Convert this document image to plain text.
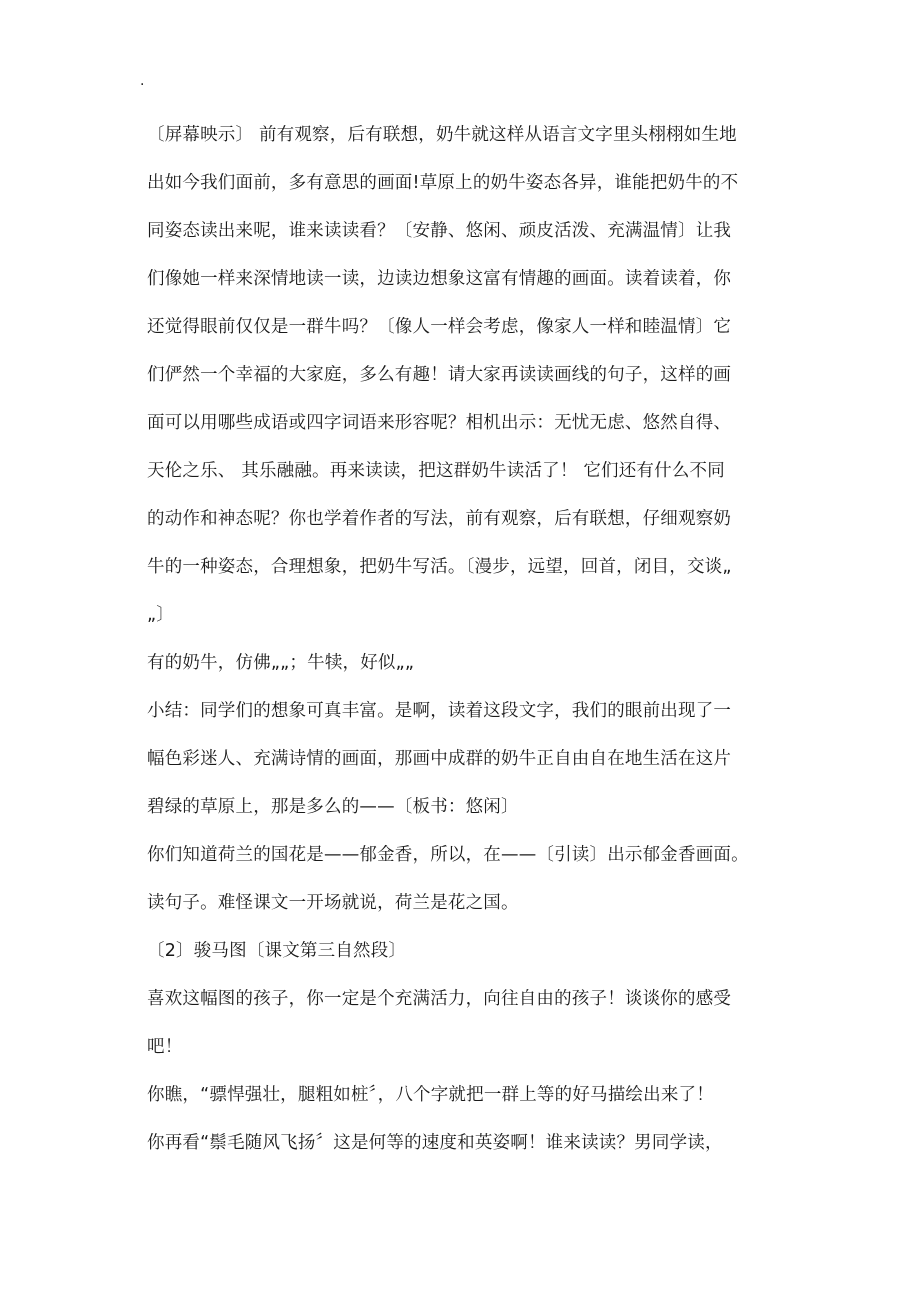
·
〔屏幕映示〕 前有观察，后有联想，奶牛就这样从语言文字里头栩栩如生地
出如今我们面前，多有意思的画面!草原上的奶牛姿态各异，谁能把奶牛的不
同姿态读出来呢，谁来读读看？〔安静、悠闲、顽皮活泼、充满温情〕让我
们像她一样来深情地读一读，边读边想象这富有情趣的画面。读着读着，你
还觉得眼前仅仅是一群牛吗？〔像人一样会考虑，像家人一样和睦温情〕它
们俨然一个幸福的大家庭，多么有趣！请大家再读读画线的句子，这样的画
面可以用哪些成语或四字词语来形容呢？相机出示：无忧无虑、悠然自得、
天伦之乐、 其乐融融。再来读读，把这群奶牛读活了！ 它们还有什么不同
的动作和神态呢？你也学着作者的写法，前有观察，后有联想，仔细观察奶
牛的一种姿态，合理想象，把奶牛写活。〔漫步，远望，回首，闭目，交谈„
„〕
有的奶牛，仿佛„„；牛犊，好似„„
小结：同学们的想象可真丰富。是啊，读着这段文字，我们的眼前出现了一
幅色彩迷人、充满诗情的画面，那画中成群的奶牛正自由自在地生活在这片
碧绿的草原上，那是多么的——〔板书：悠闲〕
你们知道荷兰的国花是——郁金香，所以，在——〔引读〕出示郁金香画面。
读句子。难怪课文一开场就说，荷兰是花之国。
〔2〕骏马图〔课文第三自然段〕
喜欢这幅图的孩子，你一定是个充满活力，向往自由的孩子！谈谈你的感受
吧！
你瞧，“骠悍强壮，腿粗如桩〞，八个字就把一群上等的好马描绘出来了！
你再看“鬃毛随风飞扬〞这是何等的速度和英姿啊！谁来读读？男同学读，
